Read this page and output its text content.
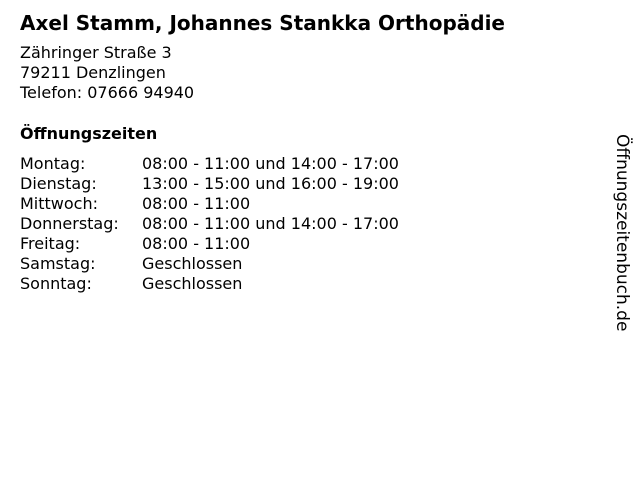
Axel Stamm, Johannes Stankka Orthopädie
Zähringer Straße 3
79211 Denzlingen
Telefon: 07666 94940
Öffnungszeiten
Montag:	08:00 - 11:00 und 14:00 - 17:00
Dienstag:	13:00 - 15:00 und 16:00 - 19:00
Mittwoch:	08:00 - 11:00
Donnerstag:	08:00 - 11:00 und 14:00 - 17:00
Freitag:	08:00 - 11:00
Samstag:	Geschlossen
Sonntag:	Geschlossen	Öffnungszeitenbuch.de
